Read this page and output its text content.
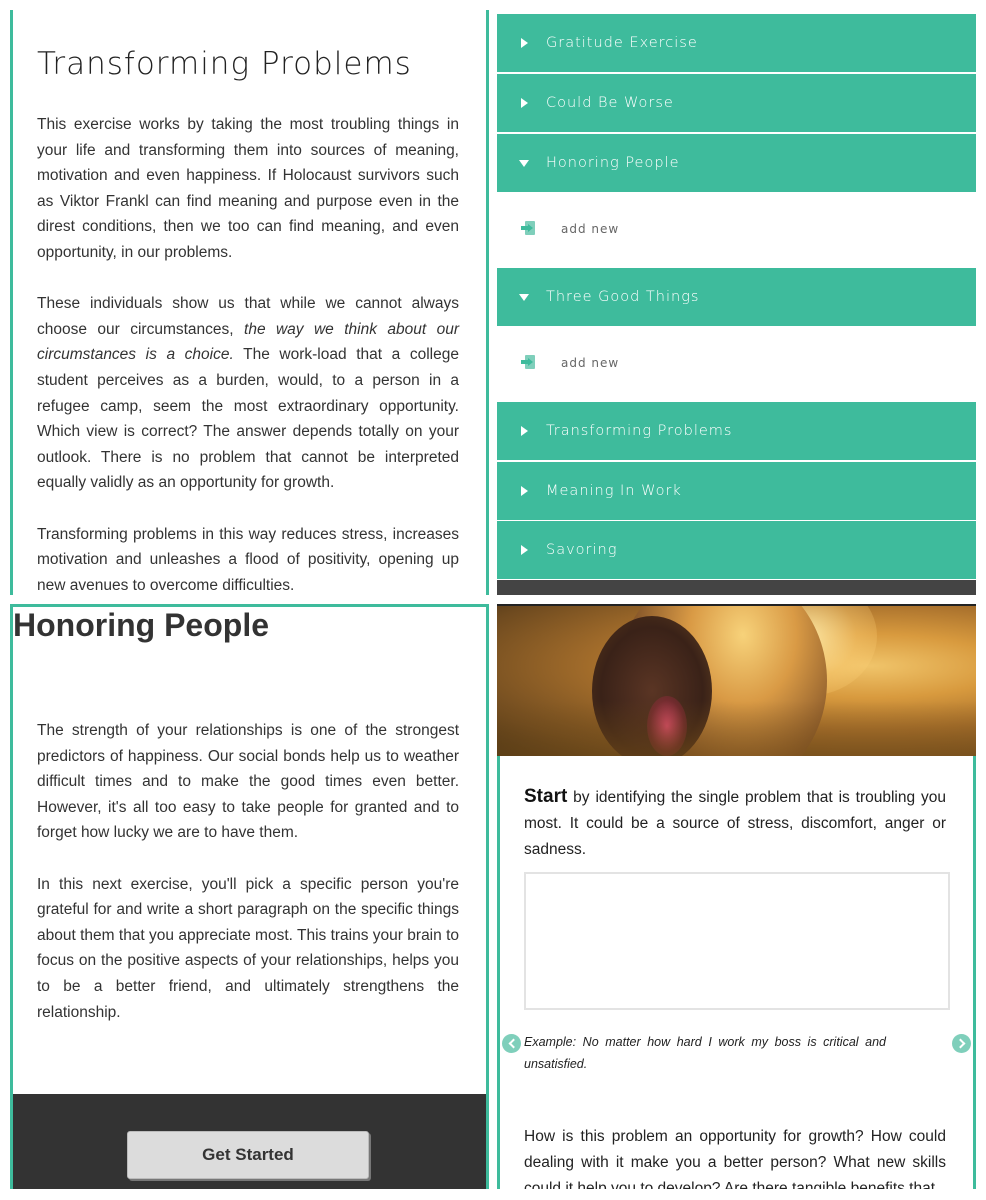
Transforming Problems

This exercise works by taking the most troubling things in your life and transforming them into sources of meaning, motivation and even happiness. If Holocaust survivors such as Viktor Frankl can find meaning and purpose even in the direst conditions, then we too can find meaning, and even opportunity, in our problems.

These individuals show us that while we cannot always choose our circumstances, the way we think about our circumstances is a choice. The work-load that a college student perceives as a burden, would, to a person in a refugee camp, seem the most extraordinary opportunity. Which view is correct? The answer depends totally on your outlook. There is no problem that cannot be interpreted equally validly as an opportunity for growth.

Transforming problems in this way reduces stress, increases motivation and unleashes a flood of positivity, opening up new avenues to overcome difficulties.

Gratitude Exercise
Could Be Worse
Honoring People
add new
Three Good Things
add new
Transforming Problems
Meaning In Work
Savoring
Honoring People

The strength of your relationships is one of the strongest predictors of happiness. Our social bonds help us to weather difficult times and to make the good times even better. However, it's all too easy to take people for granted and to forget how lucky we are to have them.

In this next exercise, you'll pick a specific person you're grateful for and write a short paragraph on the specific things about them that you appreciate most. This trains your brain to focus on the positive aspects of your relationships, helps you to be a better friend, and ultimately strengthens the relationship.

Get Started
Start by identifying the single problem that is troubling you most. It could be a source of stress, discomfort, anger or sadness.
Example: No matter how hard I work my boss is critical and unsatisfied.
How is this problem an opportunity for growth? How could dealing with it make you a better person? What new skills
